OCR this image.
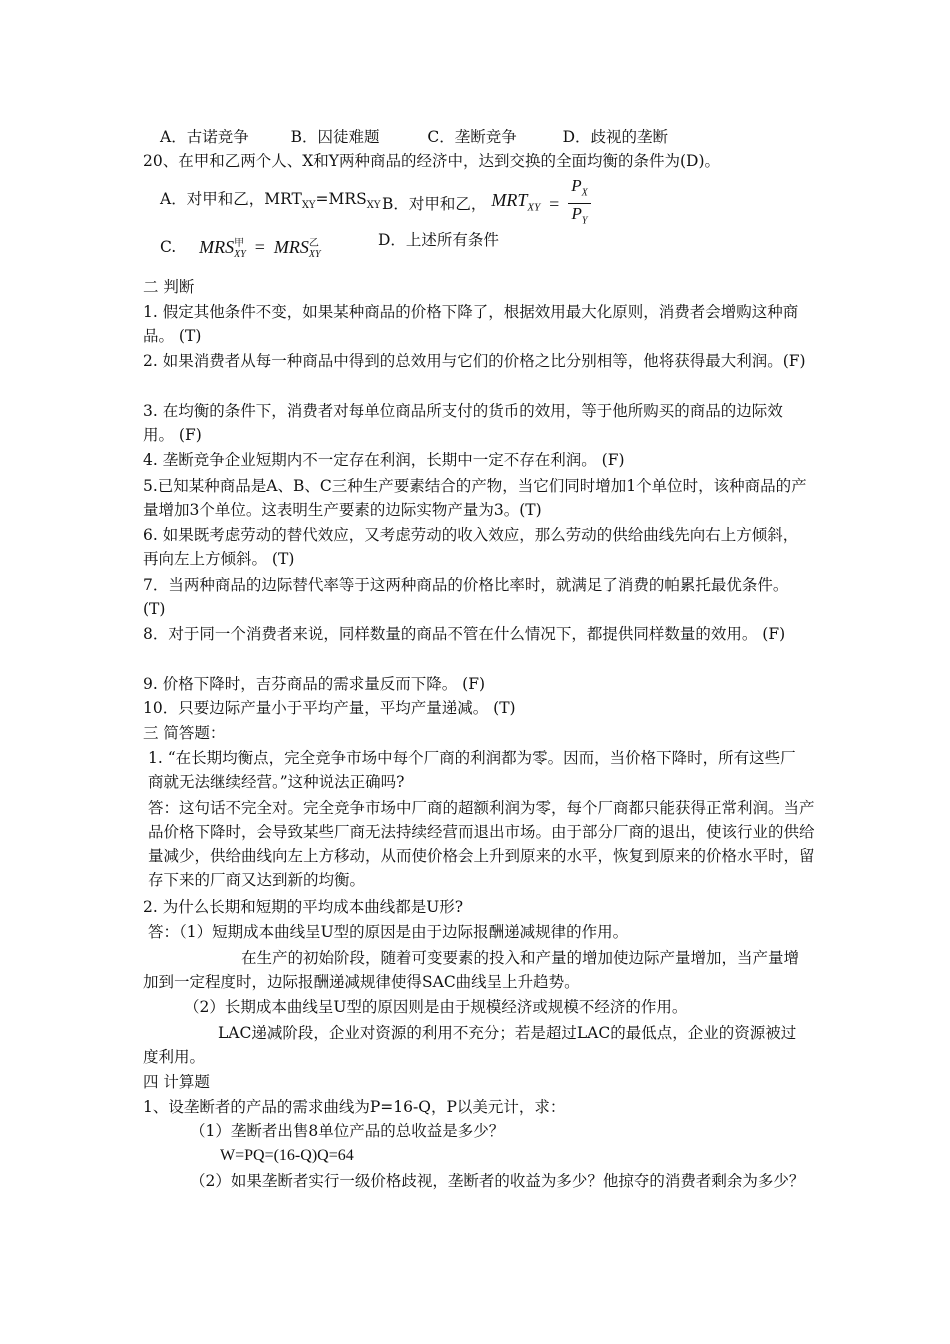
A．古诺竞争	B．囚徒难题	C．垄断竞争	D．歧视的垄断
20、在甲和乙两个人、X和Y两种商品的经济中，达到交换的全面均衡的条件为(D)。
A．对甲和乙，$MRT_{XY}=MRS_{XY}$ B．对甲和乙， $MRT_{XY} = \frac{P_X}{P_Y}$
C. MRS 甲
XY = MRS 乙
XY
D．上述所有条件
二 判断
1. 假定其他条件不变，如果某种商品的价格下降了，根据效用最大化原则，消费者会增购这种商品。 (T)
2. 如果消费者从每一种商品中得到的总效用与它们的价格之比分别相等，他将获得最大利润。(F)
3. 在均衡的条件下，消费者对每单位商品所支付的货币的效用，等于他所购买的商品的边际效用。 (F)
4. 垄断竞争企业短期内不一定存在利润，长期中一定不存在利润。 (F)
5.已知某种商品是A、B、C三种生产要素结合的产物，当它们同时增加1个单位时，该种商品的产量增加3个单位。这表明生产要素的边际实物产量为3。(T)
6. 如果既考虑劳动的替代效应，又考虑劳动的收入效应，那么劳动的供给曲线先向右上方倾斜，再向左上方倾斜。 (T)
7．当两种商品的边际替代率等于这两种商品的价格比率时，就满足了消费的帕累托最优条件。 (T)
8．对于同一个消费者来说，同样数量的商品不管在什么情况下，都提供同样数量的效用。 (F)
9. 价格下降时，吉芬商品的需求量反而下降。 (F)
10．只要边际产量小于平均产量，平均产量递减。 (T)
三 简答题：
1. “在长期均衡点，完全竞争市场中每个厂商的利润都为零。因而，当价格下降时，所有这些厂商就无法继续经营。”这种说法正确吗?
答：这句话不完全对。完全竞争市场中厂商的超额利润为零，每个厂商都只能获得正常利润。当产品价格下降时，会导致某些厂商无法持续经营而退出市场。由于部分厂商的退出，使该行业的供给量减少，供给曲线向左上方移动，从而使价格会上升到原来的水平，恢复到原来的价格水平时，留存下来的厂商又达到新的均衡。
2. 为什么长期和短期的平均成本曲线都是U形?
答：（1）短期成本曲线呈U型的原因是由于边际报酬递减规律的作用。
在生产的初始阶段，随着可变要素的投入和产量的增加使边际产量增加，当产量增加到一定程度时，边际报酬递减规律使得SAC曲线呈上升趋势。
（2）长期成本曲线呈U型的原因则是由于规模经济或规模不经济的作用。
LAC递减阶段，企业对资源的利用不充分；若是超过LAC的最低点，企业的资源被过度利用。
四 计算题
1、设垄断者的产品的需求曲线为P=16-Q，P以美元计，求：
（1）垄断者出售8单位产品的总收益是多少？
W=PQ=(16-Q)Q=64
（2）如果垄断者实行一级价格歧视，垄断者的收益为多少？他掠夺的消费者剩余为多少？
